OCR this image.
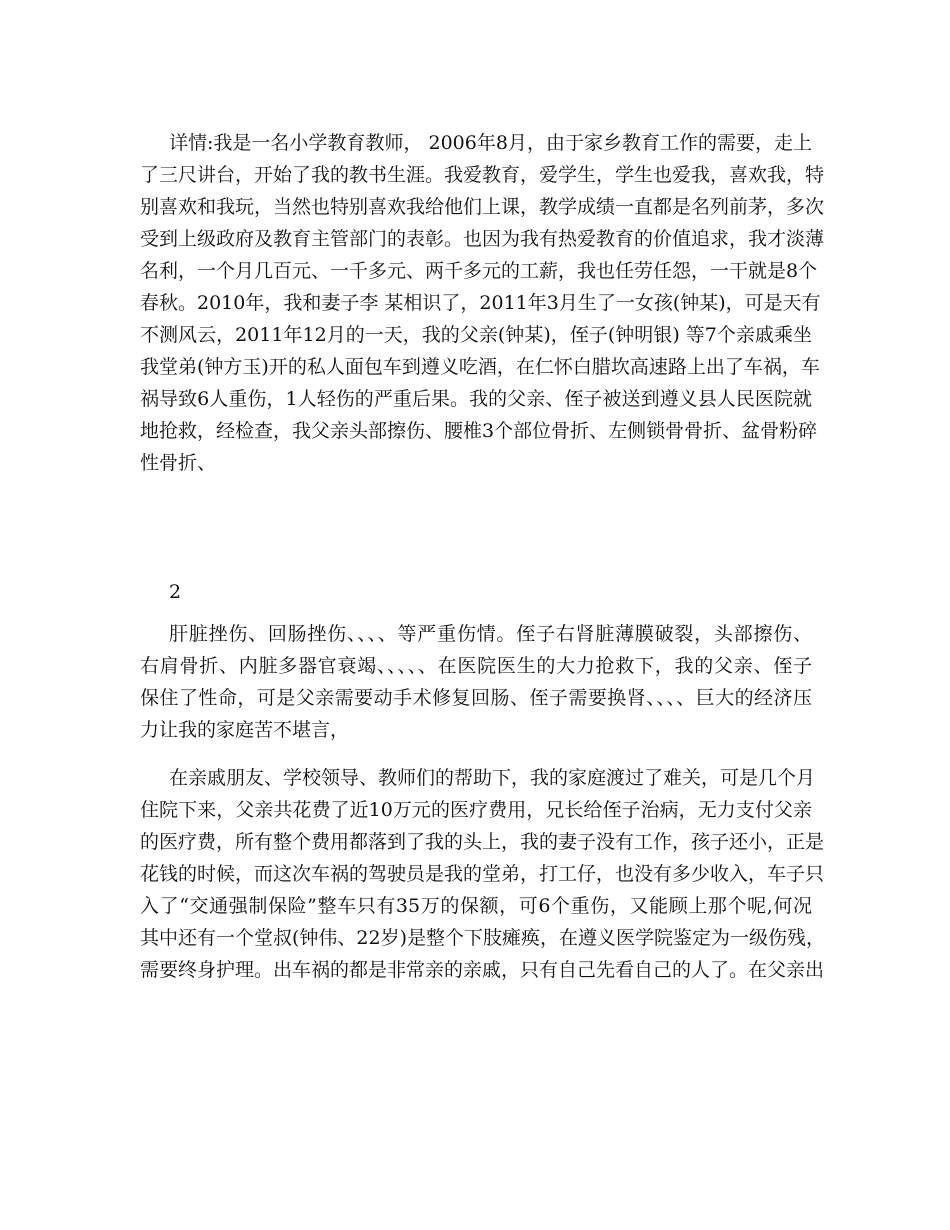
详情:我是一名小学教育教师， 2006年8月，由于家乡教育工作的需要，走上
了三尺讲台，开始了我的教书生涯。我爱教育，爱学生，学生也爱我，喜欢我，特
别喜欢和我玩，当然也特别喜欢我给他们上课，教学成绩一直都是名列前茅，多次
受到上级政府及教育主管部门的表彰。也因为我有热爱教育的价值追求，我才淡薄
名利，一个月几百元、一千多元、两千多元的工薪，我也任劳任怨，一干就是8个
春秋。2010年，我和妻子李 某相识了，2011年3月生了一女孩(钟某)，可是天有
不测风云，2011年12月的一天，我的父亲(钟某)，侄子(钟明银) 等7个亲戚乘坐
我堂弟(钟方玉)开的私人面包车到遵义吃酒，在仁怀白腊坎高速路上出了车祸，车
祸导致6人重伤，1人轻伤的严重后果。我的父亲、侄子被送到遵义县人民医院就
地抢救，经检查，我父亲头部擦伤、腰椎3个部位骨折、左侧锁骨骨折、盆骨粉碎
性骨折、
2
肝脏挫伤、回肠挫伤、、、、等严重伤情。侄子右肾脏薄膜破裂，头部擦伤、
右肩骨折、内脏多器官衰竭、、、、、在医院医生的大力抢救下，我的父亲、侄子
保住了性命，可是父亲需要动手术修复回肠、侄子需要换肾、、、、巨大的经济压
力让我的家庭苦不堪言，
在亲戚朋友、学校领导、教师们的帮助下，我的家庭渡过了难关，可是几个月
住院下来，父亲共花费了近10万元的医疗费用，兄长给侄子治病，无力支付父亲
的医疗费，所有整个费用都落到了我的头上，我的妻子没有工作，孩子还小，正是
花钱的时候，而这次车祸的驾驶员是我的堂弟，打工仔，也没有多少收入，车子只
入了“交通强制保险”整车只有35万的保额，可6个重伤，又能顾上那个呢,何况
其中还有一个堂叔(钟伟、22岁)是整个下肢瘫痪，在遵义医学院鉴定为一级伤残，
需要终身护理。出车祸的都是非常亲的亲戚，只有自己先看自己的人了。在父亲出
